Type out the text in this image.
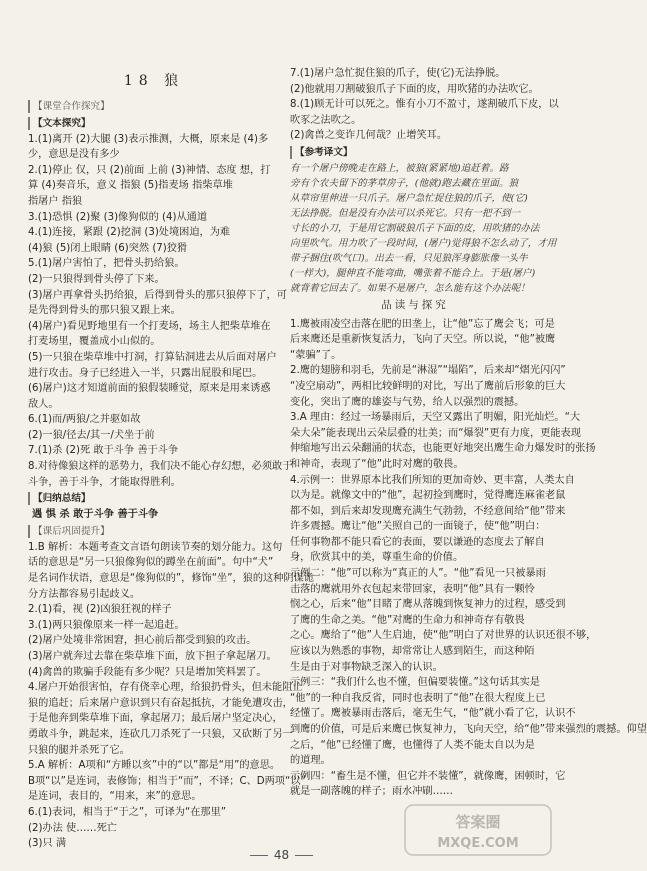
18 狼
【课堂合作探究】
【文本探究】
1.(1)离开 (2)大腿 (3)表示推测，大概，原来是 (4)多
少，意思是没有多少
2.(1)停止 仅，只 (2)前面 上前 (3)神情、态度 想，打
算 (4)奏音乐，意义 指狼 (5)指麦场 指柴草堆
指屠户 指狼
3.(1)恐惧 (2)聚 (3)像狗似的 (4)从通道
4.(1)连接，紧跟 (2)挖洞 (3)处境困迫，为难
(4)狼 (5)闭上眼睛 (6)突然 (7)狡猾
5.(1)屠户害怕了，把骨头扔给狼。
(2)一只狼得到骨头停了下来。
(3)屠户再拿骨头扔给狼，后得到骨头的那只狼停下了，可
是先得到骨头的那只狼又跟上来。
(4)屠户)看见野地里有一个打麦场，场主人把柴草堆在
打麦场里，覆盖成小山似的。
(5)一只狼在柴草堆中打洞，打算钻洞进去从后面对屠户
进行攻击。身子已经进入一半，只露出屁股和尾巴。
(6)屠户)这才知道前面的狼假装睡觉，原来是用来诱惑
敌人。
6.(1)而/两狼/之并驱如故
(2)一狼/径去/其一/犬坐于前
7.(1)杀 (2)死 敢于斗争 善于斗争
8.对待像狼这样的恶势力，我们决不能心存幻想，必须敢于
斗争，善于斗争，才能取得胜利。
【归纳总结】
遇 惧 杀 敢于斗争 善于斗争
【课后巩固提升】
1.B 解析：本题考查文言语句朗读节奏的划分能力。这句
话的意思是“另一只狼像狗似的蹲坐在前面”。句中“犬”
是名词作状语，意思是“像狗似的”，修饰“坐”，狼的这种阴谋诡
分方法都容易引起歧义。
2.(1)看，视 (2)凶狼狂视的样子
3.(1)两只狼像原来一样一起追赶。
(2)屠户处境非常困窘，担心前后都受到狼的攻击。
(3)屠户就奔过去靠在柴草堆下面，放下担子拿起屠刀。
(4)禽兽的欺骗手段能有多少呢？只是增加笑料罢了。
4.屠户开始很害怕，存有侥幸心理，给狼扔骨头，但未能阻止
狼的追赶；后来屠户意识到只有奋起抵抗，才能免遭攻击，
于是他奔到柴草堆下面，拿起屠刀；最后屠户坚定决心，
勇敢斗争，跳起来，连砍几刀杀死了一只狼，又砍断了另一
只狼的腿并杀死了它。
5.A 解析：A项和“方睡以亥”中的“以”都是“用”的意思。
B项“以”是连词，表修饰；相当于“而”，不译；C、D两项“以”
是连词，表目的，“用来，来”的意思。
6.(1)表词，相当于“于之”，可译为“在那里”
(2)办法 使……死亡
(3)只 满
7.(1)屠户急忙捉住狼的爪子，使(它)无法挣脱。
(2)他就用刀割破狼爪子下面的皮，用吹猪的办法吹它。
8.(1)顾无计可以死之。惟有小刀不盈寸，遂割破爪下皮，以
吹豕之法吹之。
(2)禽兽之变诈几何哉？止增笑耳。
【参考译文】
有一个屠户傍晚走在路上，被狼(紧紧地)追赶着。路
旁有个农夫留下的茅草房子，(他就)跑去藏在里面。狼
从草帘里伸进一只爪子。屠户急忙捉住狼的爪子，使(它)
无法挣脱。但是没有办法可以杀死它。只有一把不到一
寸长的小刀，于是用它割破狼爪子下面的皮，用吹猪的办法
向里吹气。用力吹了一段时间，(屠户)觉得狼不怎么动了，才用
带子捆住(吹气口)。出去一看，只见狼浑身膨胀像一头牛
(一样大)，腿伸直不能弯曲，嘴张着不能合上。于是(屠户)
就背着它回去了。如果不是屠户，怎么能有这个办法呢！
品读与探究
1.鹰被雨凌空击落在肥的田垄上，让“他”忘了鹰会飞；可是
后来鹰还是重新恢复活力，飞向了天空。所以说，“他”被鹰
“蒙骗”了。
2.鹰的翅膀和羽毛，先前是“淋湿”“塌陷”，后来却“熠光闪闪”
“凌空扇动”，两相比较鲜明的对比，写出了鹰前后形象的巨大
变化，突出了鹰的雄姿与气势，给人以强烈的震撼。
3.A 理由：经过一场暴雨后，天空又露出了明媚，阳光灿烂。“大
朵大朵”能表现出云朵层叠的壮美；而“爆裂”更有力度，更能表现
伸缩地写出云朵翻涌的状态，也能更好地突出鹰生命力爆发时的张扬
和神奇，表现了“他”此时对鹰的敬畏。
4.示例一：世界原本比我们所知的更加奇妙、更丰富，人类太自
以为是。就像文中的“他”，起初捡到鹰时，觉得鹰连麻雀老鼠
都不如，到后来却发现鹰充满生气勃勃，不经意间给“他”带来
许多震撼。鹰让“他”关照自己的一面镜子，使“他”明白：
任何事物都不能只看它的表面，要以谦逊的态度去了解自
身，欣赏其中的美，尊重生命的价值。
示例二：“他”可以称为“真正的人”。“他”看见一只被暴雨
击落的鹰就用外衣包起来带回家，表明“他”具有一颗怜
悯之心，后来“他”目睹了鹰从落魄到恢复神力的过程，感受到
了鹰的生命之美。“他”对鹰的生命力和神奇存有敬畏
之心。鹰给了“他”人生启迪，使“他”明白了对世界的认识还很不够，
应该以为熟悉的事物，却常常让人感到陌生，而这种陌
生是由于对事物缺乏深入的认识。
示例三：“我们什么也不懂，但偏要装懂。”这句话其实是
“他”的一种自我反省，同时也表明了“他”在很大程度上已
经懂了。鹰被暴雨击落后，毫无生气，“他”就小看了它，认识不
到鹰的价值，可是后来鹰已恢复神力，飞向天空，给“他”带来强烈的震撼。仰望
之后，“他”已经懂了鹰，也懂得了人类不能太自以为是
的道理。
示例四：“畜生是不懂，但它并不装懂”，就像鹰，困顿时，它
就是一副落魄的样子；雨水冲刷……
48
答案圈
MXQE.COM
